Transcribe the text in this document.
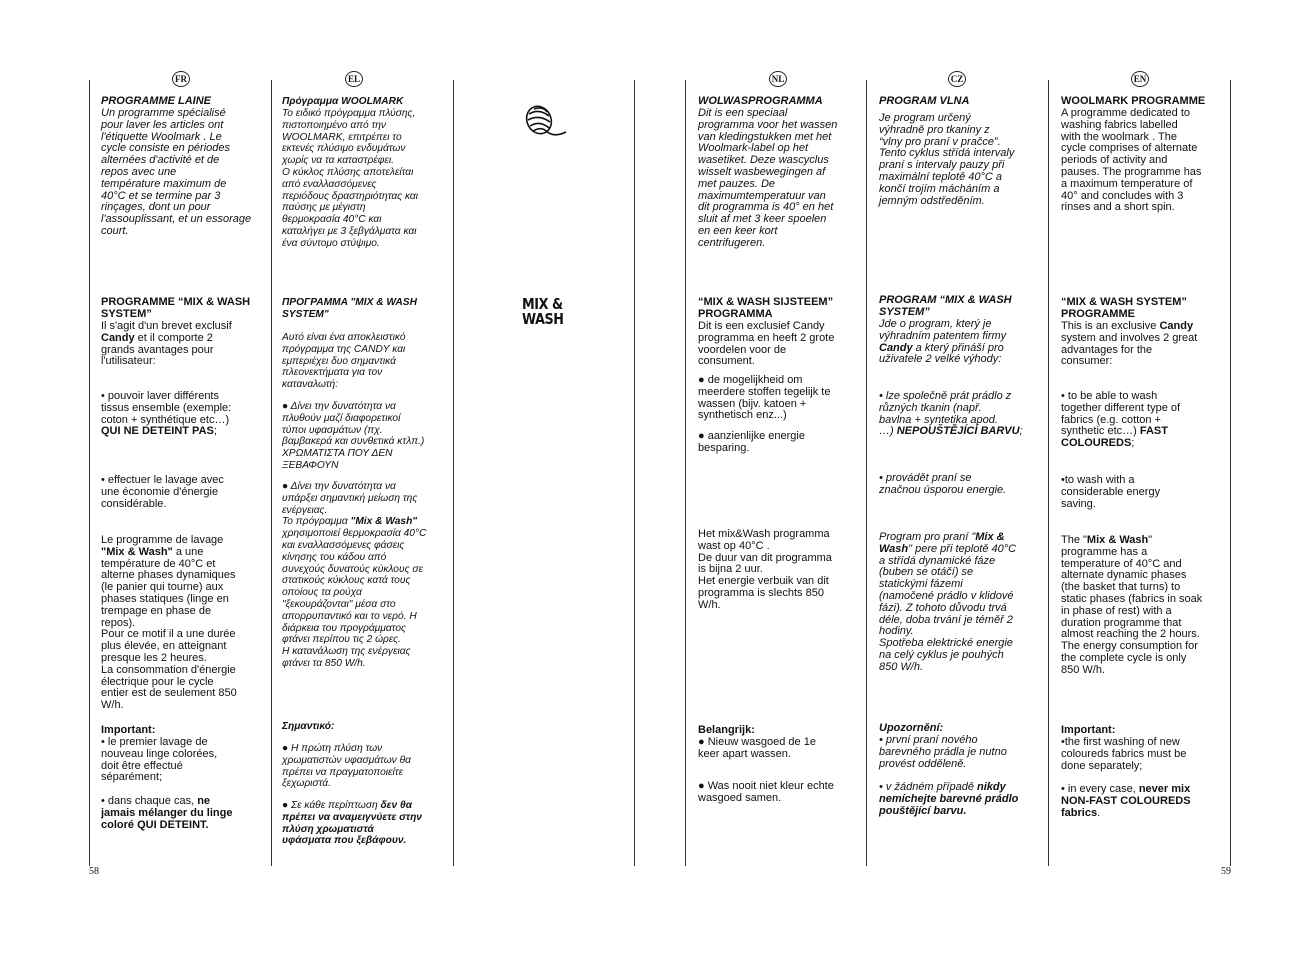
FR	EL	NL	CZ	EN
MIX &
WASH
PROGRAMME LAINE
Un programme spécialisé
pour laver les articles ont
l'étiquette Woolmark . Le
cycle consiste en périodes
alternées d'activité et de
repos avec une
température maximum de
40°C et se termine par 3
rinçages, dont un pour
l'assouplissant, et un essorage
court.
PROGRAMME “MIX & WASH
SYSTEM”
Il s'agit d'un brevet exclusif
Candy et il comporte 2
grands avantages pour
l'utilisateur:
• pouvoir laver différents
tissus ensemble (exemple:
coton + synthétique etc…)
QUI NE DETEINT PAS;
• effectuer le lavage avec
une économie d'énergie
considérable.
Le programme de lavage
"Mix & Wash" a une
température de 40°C et
alterne phases dynamiques
(le panier qui tourne) aux
phases statiques (linge en
trempage en phase de
repos).
Pour ce motif il a une durée
plus élevée, en atteignant
presque les 2 heures.
La consommation d'énergie
électrique pour le cycle
entier est de seulement 850
W/h.
Important:
• le premier lavage de
nouveau linge colorées,
doit être effectué
séparément;
• dans chaque cas, ne
jamais mélanger du linge
coloré QUI DETEINT.
Πρόγραμμα WOOLMARK
Το ειδικό πρόγραμμα πλύσης,
πιστοποιημένο από την
WOOLMARK, επιτρέπει το
εκτενές πλύσιμο ενδυμάτων
χωρίς να τα καταστρέφει.
Ο κύκλος πλύσης αποτελείται
από εναλλασσόμενες
περιόδους δραστηριότητας και
παύσης με μέγιστη
θερμοκρασία 40°C και
καταλήγει με 3 ξεβγάλματα και
ένα σύντομο στύψιμο.
ΠΡΟΓΡΑΜΜΑ "MIX & WASH
SYSTEM"
Αυτό είναι ένα αποκλειστικό
πρόγραμμα της CANDY και
εμπεριέχει δυο σημαντικά
πλεονεκτήματα για τον
καταναλωτή:
● Δίνει την δυνατότητα να
πλυθούν μαζί διαφορετικοί
τύποι υφασμάτων (πχ.
βαμβακερά και συνθετικά κτλπ.)
ΧΡΩΜΑΤΙΣΤΑ ΠΟΥ ΔΕΝ
ΞΕΒΑΦΟΥΝ
● Δίνει την δυνατότητα να
υπάρξει σημαντική μείωση της
ενέργειας.
Το πρόγραμμα "Mix & Wash"
χρησιμοποιεί θερμοκρασία 40°C
και εναλλασσόμενες φάσεις
κίνησης του κάδου από
συνεχούς δυνατούς κύκλους σε
στατικούς κύκλους κατά τους
οποίους τα ρούχα
"ξεκουράζονται" μέσα στο
απορρυπαντικό και το νερό. Η
διάρκεια του προγράμματος
φτάνει περίπου τις 2 ώρες.
Η κατανάλωση της ενέργειας
φτάνει τα 850 W/h.
Σημαντικό:
● Η πρώτη πλύση των
χρωματιστών υφασμάτων θα
πρέπει να πραγματοποιείτε
ξεχωριστά.
● Σε κάθε περίπτωση δεν θα
πρέπει να αναμειγνύετε στην
πλύση χρωματιστά
υφάσματα που ξεβάφουν.
WOLWASPROGRAMMA
Dit is een speciaal
programma voor het wassen
van kledingstukken met het
Woolmark-label op het
wasetiket. Deze wascyclus
wisselt wasbewegingen af
met pauzes. De
maximumtemperatuur van
dit programma is 40° en het
sluit af met 3 keer spoelen
en een keer kort
centrifugeren.
“MIX & WASH SIJSTEEM”
PROGRAMMA
Dit is een exclusief Candy
programma en heeft 2 grote
voordelen voor de
consument.
● de mogelijkheid om
meerdere stoffen tegelijk te
wassen (bijv. katoen +
synthetisch enz...)
● aanzienlijke energie
besparing.
Het mix&Wash programma
wast op 40°C .
De duur van dit programma
is bijna 2 uur.
Het energie verbuik van dit
programma is slechts 850
W/h.
Belangrijk:
● Nieuw wasgoed de 1e
keer apart wassen.
● Was nooit niet kleur echte
wasgoed samen.
PROGRAM VLNA
Je program určený
výhradně pro tkaniny z
“vlny pro praní v pračce”.
Tento cyklus střídá intervaly
praní s intervaly pauzy při
maximální teplotě 40°C a
končí trojím mácháním a
jemným odstředěním.
PROGRAM “MIX & WASH
SYSTEM”
Jde o program, který je
výhradním patentem firmy
Candy a který přináší pro
uživatele 2 velké výhody:
• lze společně prát prádlo z
různých tkanin (např.
bavlna + syntetika apod.
…) NEPOUŠTĚJÍCÍ BARVU;
• provádět praní se
značnou úsporou energie.
Program pro praní "Mix &
Wash" pere při teplotě 40°C
a střídá dynamické fáze
(buben se otáčí) se
statickými fázemi
(namočené prádlo v klidové
fázi). Z tohoto důvodu trvá
déle, doba trvání je téměř 2
hodiny.
Spotřeba elektrické energie
na celý cyklus je pouhých
850 W/h.
Upozornění:
• první praní nového
barevného prádla je nutno
provést odděleně.
• v žádném případě nikdy
nemíchejte barevné prádlo
pouštějící barvu.
WOOLMARK PROGRAMME
A programme dedicated to
washing fabrics labelled
with the woolmark . The
cycle comprises of alternate
periods of activity and
pauses. The programme has
a maximum temperature of
40° and concludes with 3
rinses and a short spin.
“MIX & WASH SYSTEM”
PROGRAMME
This is an exclusive Candy
system and involves 2 great
advantages for the
consumer:
• to be able to wash
together different type of
fabrics (e.g. cotton +
synthetic etc…) FAST
COLOUREDS;
•to wash with a
considerable energy
saving.
The "Mix & Wash"
programme has a
temperature of 40°C and
alternate dynamic phases
(the basket that turns) to
static phases (fabrics in soak
in phase of rest) with a
duration programme that
almost reaching the 2 hours.
The energy consumption for
the complete cycle is only
850 W/h.
Important:
•the first washing of new
coloureds fabrics must be
done separately;
• in every case, never mix
NON-FAST COLOUREDS
fabrics.
58	59
